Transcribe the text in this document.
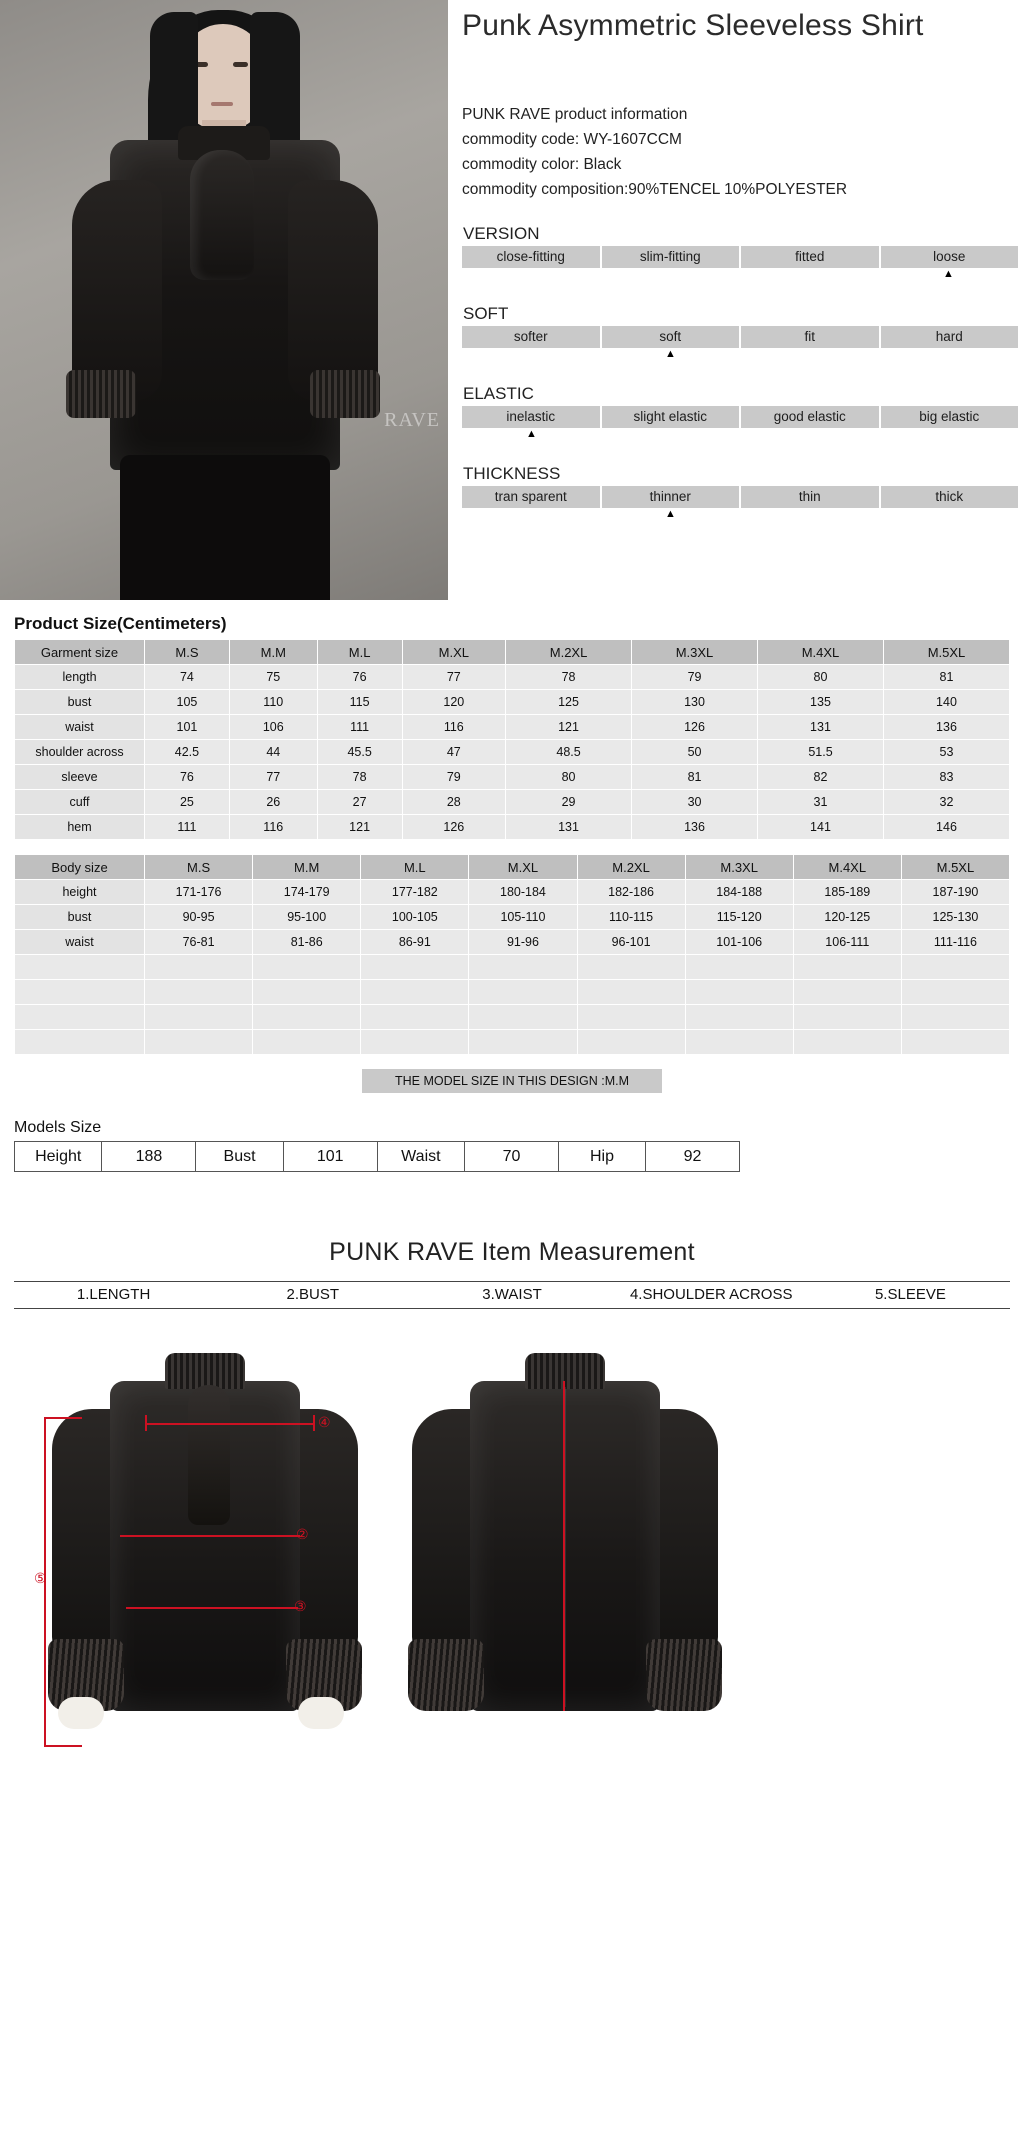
RAVE
Punk Asymmetric Sleeveless Shirt
PUNK RAVE product information
commodity code: WY-1607CCM
commodity color: Black
commodity composition:90%TENCEL 10%POLYESTER
VERSION
close-fitting	slim-fitting	fitted	loose
▲
SOFT
softer	soft	fit	hard
▲
ELASTIC
inelastic	slight elastic	good elastic	big elastic
▲
THICKNESS
tran sparent	thinner	thin	thick
▲
Product Size(Centimeters)
Garment size	M.S	M.M	M.L	M.XL	M.2XL	M.3XL	M.4XL	M.5XL
length	74	75	76	77	78	79	80	81
bust	105	110	115	120	125	130	135	140
waist	101	106	111	116	121	126	131	136
shoulder across	42.5	44	45.5	47	48.5	50	51.5	53
sleeve	76	77	78	79	80	81	82	83
cuff	25	26	27	28	29	30	31	32
hem	111	116	121	126	131	136	141	146
Body size	M.S	M.M	M.L	M.XL	M.2XL	M.3XL	M.4XL	M.5XL
height	171-176	174-179	177-182	180-184	182-186	184-188	185-189	187-190
bust	90-95	95-100	100-105	105-110	110-115	115-120	120-125	125-130
waist	76-81	81-86	86-91	91-96	96-101	101-106	106-111	111-116

THE MODEL SIZE IN THIS DESIGN :M.M
Models Size
Height	188	Bust	101	Waist	70	Hip	92
PUNK RAVE Item Measurement
1.LENGTH	2.BUST	3.WAIST	4.SHOULDER ACROSS	5.SLEEVE
④
②
③
⑤
